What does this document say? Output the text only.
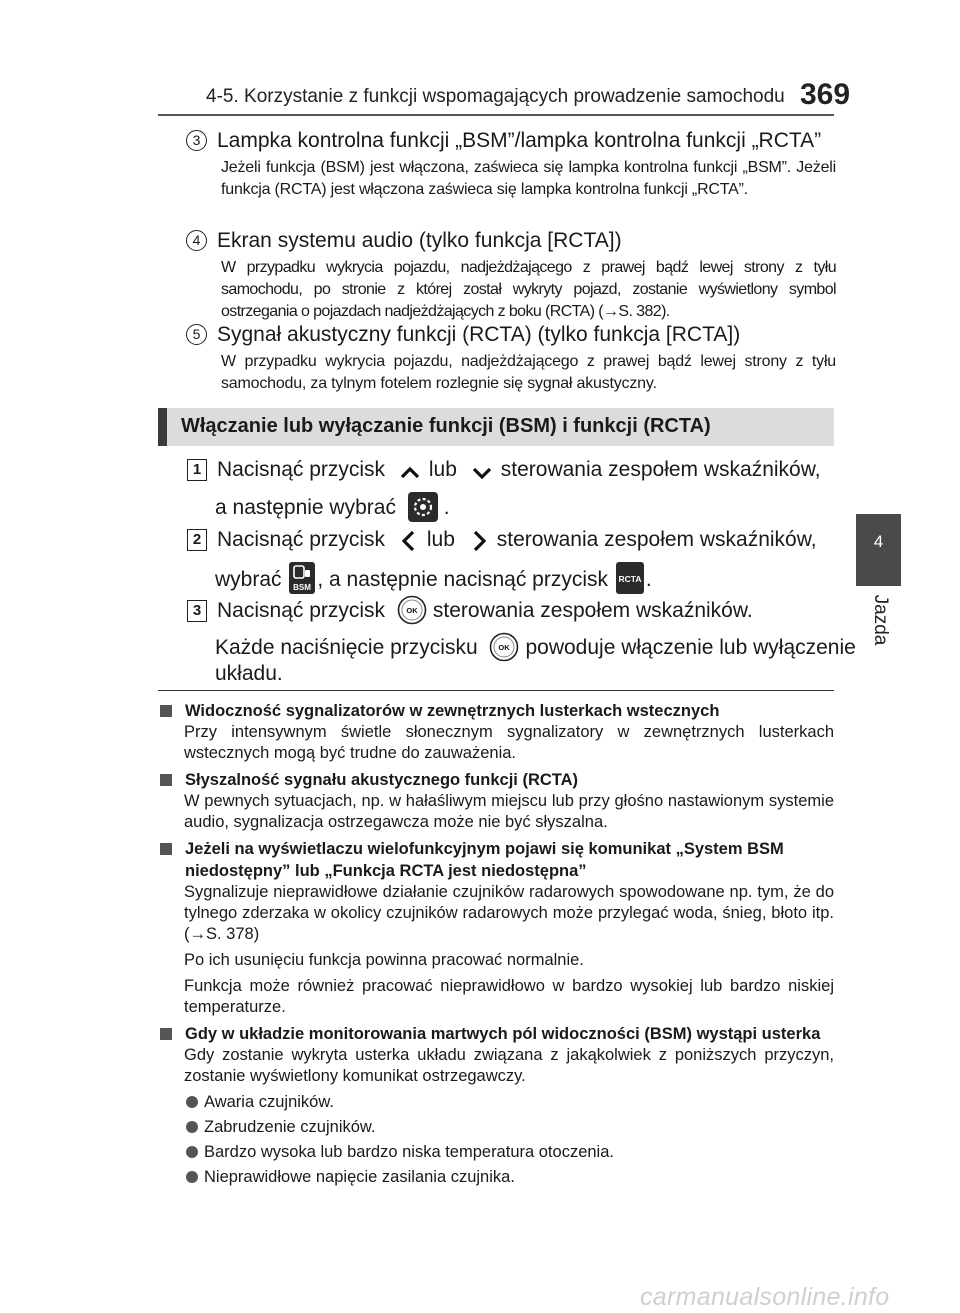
4-5. Korzystanie z funkcji wspomagających prowadzenie samochodu 369
4
Jazda
3 Lampka kontrolna funkcji „BSM”/lampka kontrolna funkcji „RCTA”
Jeżeli funkcja (BSM) jest włączona, zaświeca się lampka kontrolna funkcji „BSM”. Jeżeli funkcja (RCTA) jest włączona zaświeca się lampka kontrolna funkcji „RCTA”.
4 Ekran systemu audio (tylko funkcja [RCTA])
W przypadku wykrycia pojazdu, nadjeżdżającego z prawej bądź lewej strony z tyłu samochodu, po stronie z której został wykryty pojazd, zostanie wyświetlony symbol ostrzegania o pojazdach nadjeżdżających z boku (RCTA) (→S. 382).
5 Sygnał akustyczny funkcji (RCTA) (tylko funkcja [RCTA])
W przypadku wykrycia pojazdu, nadjeżdżającego z prawej bądź lewej strony z tyłu samochodu, za tylnym fotelem rozlegnie się sygnał akustyczny.
Włączanie lub wyłączanie funkcji (BSM) i funkcji (RCTA)
1 Nacisnąć przycisk lub sterowania zespołem wskaźników,
a następnie wybrać .
2 Nacisnąć przycisk lub sterowania zespołem wskaźników,
wybrać BSM , a następnie nacisnąć przycisk RCTA .
3 Nacisnąć przycisk	OK sterowania zespołem wskaźników.
Każde naciśnięcie przycisku	OK powoduje włączenie lub wyłączenie
układu.
Widoczność sygnalizatorów w zewnętrznych lusterkach wstecznych
Przy intensywnym świetle słonecznym sygnalizatory w zewnętrznych lusterkach wstecznych mogą być trudne do zauważenia.
Słyszalność sygnału akustycznego funkcji (RCTA)
W pewnych sytuacjach, np. w hałaśliwym miejscu lub przy głośno nastawionym systemie audio, sygnalizacja ostrzegawcza może nie być słyszalna.
Jeżeli na wyświetlaczu wielofunkcyjnym pojawi się komunikat „System BSM niedostępny” lub „Funkcja RCTA jest niedostępna”
Sygnalizuje nieprawidłowe działanie czujników radarowych spowodowane np. tym, że do tylnego zderzaka w okolicy czujników radarowych może przylegać woda, śnieg, błoto itp. (→S. 378)
Po ich usunięciu funkcja powinna pracować normalnie.
Funkcja może również pracować nieprawidłowo w bardzo wysokiej lub bardzo niskiej temperaturze.
Gdy w układzie monitorowania martwych pól widoczności (BSM) wystąpi usterka
Gdy zostanie wykryta usterka układu związana z jakąkolwiek z poniższych przyczyn, zostanie wyświetlony komunikat ostrzegawczy.
Awaria czujników.
Zabrudzenie czujników.
Bardzo wysoka lub bardzo niska temperatura otoczenia.
Nieprawidłowe napięcie zasilania czujnika.
carmanualsonline.info
